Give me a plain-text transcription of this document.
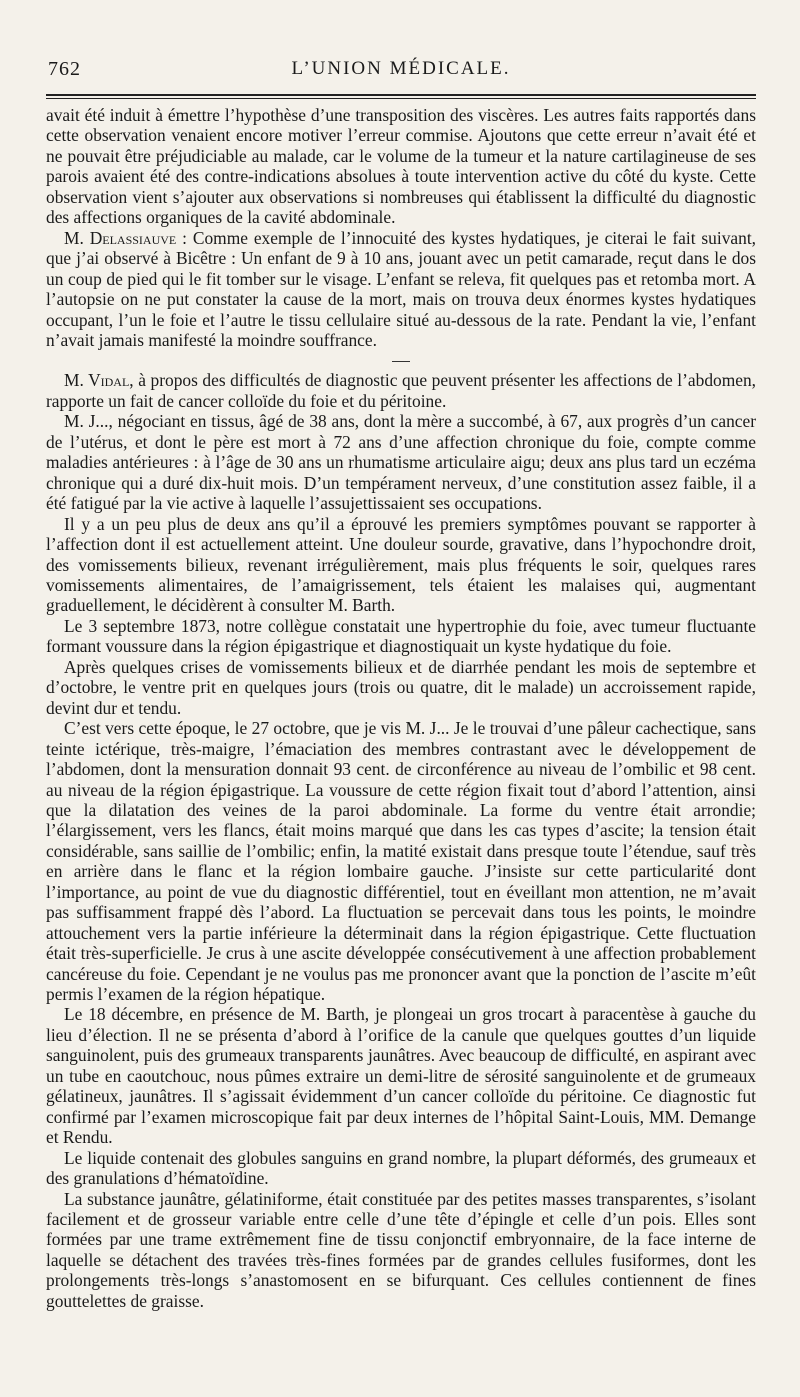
762	L’UNION MÉDICALE.

avait été induit à émettre l’hypothèse d’une transposition des viscères. Les autres faits rapportés dans cette observation venaient encore motiver l’erreur commise. Ajoutons que cette erreur n’avait été et ne pouvait être préjudiciable au malade, car le volume de la tumeur et la nature cartilagineuse de ses parois avaient été des contre-indications absolues à toute intervention active du côté du kyste. Cette observation vient s’ajouter aux observations si nombreuses qui établissent la difficulté du diagnostic des affections organiques de la cavité abdominale.

M. Delassiauve : Comme exemple de l’innocuité des kystes hydatiques, je citerai le fait suivant, que j’ai observé à Bicêtre : Un enfant de 9 à 10 ans, jouant avec un petit camarade, reçut dans le dos un coup de pied qui le fit tomber sur le visage. L’enfant se releva, fit quelques pas et retomba mort. A l’autopsie on ne put constater la cause de la mort, mais on trouva deux énormes kystes hydatiques occupant, l’un le foie et l’autre le tissu cellulaire situé au-dessous de la rate. Pendant la vie, l’enfant n’avait jamais manifesté la moindre souffrance.

M. Vidal, à propos des difficultés de diagnostic que peuvent présenter les affections de l’abdomen, rapporte un fait de cancer colloïde du foie et du péritoine.

M. J..., négociant en tissus, âgé de 38 ans, dont la mère a succombé, à 67, aux progrès d’un cancer de l’utérus, et dont le père est mort à 72 ans d’une affection chronique du foie, compte comme maladies antérieures : à l’âge de 30 ans un rhumatisme articulaire aigu; deux ans plus tard un eczéma chronique qui a duré dix-huit mois. D’un tempérament nerveux, d’une constitution assez faible, il a été fatigué par la vie active à laquelle l’assujettissaient ses occupations.

Il y a un peu plus de deux ans qu’il a éprouvé les premiers symptômes pouvant se rapporter à l’affection dont il est actuellement atteint. Une douleur sourde, gravative, dans l’hypochondre droit, des vomissements bilieux, revenant irrégulièrement, mais plus fréquents le soir, quelques rares vomissements alimentaires, de l’amaigrissement, tels étaient les malaises qui, augmentant graduellement, le décidèrent à consulter M. Barth.

Le 3 septembre 1873, notre collègue constatait une hypertrophie du foie, avec tumeur fluctuante formant voussure dans la région épigastrique et diagnostiquait un kyste hydatique du foie.

Après quelques crises de vomissements bilieux et de diarrhée pendant les mois de septembre et d’octobre, le ventre prit en quelques jours (trois ou quatre, dit le malade) un accroissement rapide, devint dur et tendu.

C’est vers cette époque, le 27 octobre, que je vis M. J... Je le trouvai d’une pâleur cachectique, sans teinte ictérique, très-maigre, l’émaciation des membres contrastant avec le développement de l’abdomen, dont la mensuration donnait 93 cent. de circonférence au niveau de l’ombilic et 98 cent. au niveau de la région épigastrique. La voussure de cette région fixait tout d’abord l’attention, ainsi que la dilatation des veines de la paroi abdominale. La forme du ventre était arrondie; l’élargissement, vers les flancs, était moins marqué que dans les cas types d’ascite; la tension était considérable, sans saillie de l’ombilic; enfin, la matité existait dans presque toute l’étendue, sauf très en arrière dans le flanc et la région lombaire gauche. J’insiste sur cette particularité dont l’importance, au point de vue du diagnostic différentiel, tout en éveillant mon attention, ne m’avait pas suffisamment frappé dès l’abord. La fluctuation se percevait dans tous les points, le moindre attouchement vers la partie inférieure la déterminait dans la région épigastrique. Cette fluctuation était très-superficielle. Je crus à une ascite développée consécutivement à une affection probablement cancéreuse du foie. Cependant je ne voulus pas me prononcer avant que la ponction de l’ascite m’eût permis l’examen de la région hépatique.

Le 18 décembre, en présence de M. Barth, je plongeai un gros trocart à paracentèse à gauche du lieu d’élection. Il ne se présenta d’abord à l’orifice de la canule que quelques gouttes d’un liquide sanguinolent, puis des grumeaux transparents jaunâtres. Avec beaucoup de difficulté, en aspirant avec un tube en caoutchouc, nous pûmes extraire un demi-litre de sérosité sanguinolente et de grumeaux gélatineux, jaunâtres. Il s’agissait évidemment d’un cancer colloïde du péritoine. Ce diagnostic fut confirmé par l’examen microscopique fait par deux internes de l’hôpital Saint-Louis, MM. Demange et Rendu.

Le liquide contenait des globules sanguins en grand nombre, la plupart déformés, des grumeaux et des granulations d’hématoïdine.

La substance jaunâtre, gélatiniforme, était constituée par des petites masses transparentes, s’isolant facilement et de grosseur variable entre celle d’une tête d’épingle et celle d’un pois. Elles sont formées par une trame extrêmement fine de tissu conjonctif embryonnaire, de la face interne de laquelle se détachent des travées très-fines formées par de grandes cellules fusiformes, dont les prolongements très-longs s’anastomosent en se bifurquant. Ces cellules contiennent de fines gouttelettes de graisse.
